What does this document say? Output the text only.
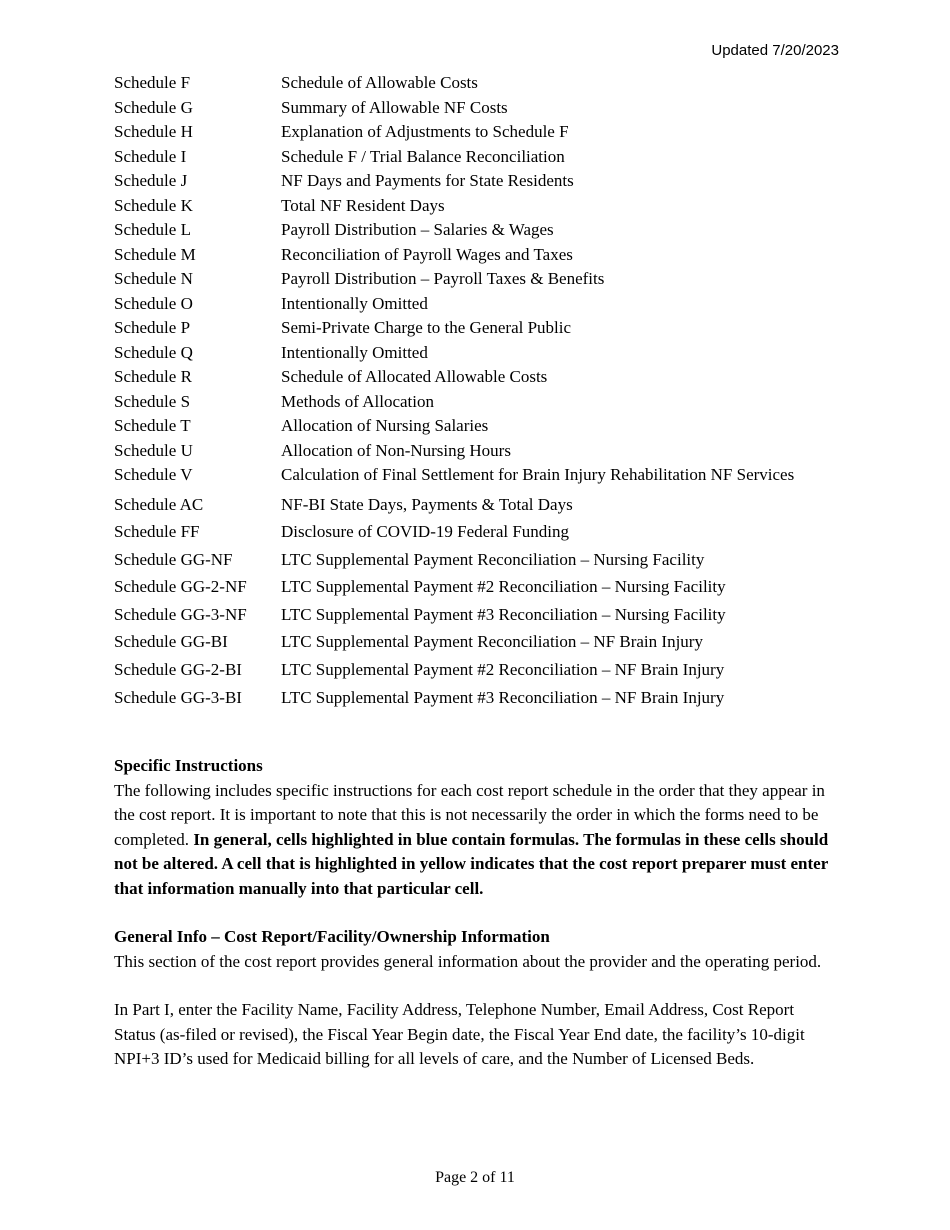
Updated 7/20/2023
Schedule F	Schedule of Allowable Costs
Schedule G	Summary of Allowable NF Costs
Schedule H	Explanation of Adjustments to Schedule F
Schedule I	Schedule F / Trial Balance Reconciliation
Schedule J	NF Days and Payments for State Residents
Schedule K	Total NF Resident Days
Schedule L	Payroll Distribution – Salaries & Wages
Schedule M	Reconciliation of Payroll Wages and Taxes
Schedule N	Payroll Distribution – Payroll Taxes & Benefits
Schedule O	Intentionally Omitted
Schedule P	Semi-Private Charge to the General Public
Schedule Q	Intentionally Omitted
Schedule R	Schedule of Allocated Allowable Costs
Schedule S	Methods of Allocation
Schedule T	Allocation of Nursing Salaries
Schedule U	Allocation of Non-Nursing Hours
Schedule V	Calculation of Final Settlement for Brain Injury Rehabilitation NF Services
Schedule AC	NF-BI State Days, Payments & Total Days
Schedule FF	Disclosure of COVID-19 Federal Funding
Schedule GG-NF	LTC Supplemental Payment Reconciliation – Nursing Facility
Schedule GG-2-NF	LTC Supplemental Payment #2 Reconciliation – Nursing Facility
Schedule GG-3-NF	LTC Supplemental Payment #3 Reconciliation – Nursing Facility
Schedule GG-BI	LTC Supplemental Payment Reconciliation – NF Brain Injury
Schedule GG-2-BI	LTC Supplemental Payment #2 Reconciliation – NF Brain Injury
Schedule GG-3-BI	LTC Supplemental Payment #3 Reconciliation – NF Brain Injury
Specific Instructions

The following includes specific instructions for each cost report schedule in the order that they appear in the cost report. It is important to note that this is not necessarily the order in which the forms need to be completed. In general, cells highlighted in blue contain formulas. The formulas in these cells should not be altered. A cell that is highlighted in yellow indicates that the cost report preparer must enter that information manually into that particular cell.

General Info – Cost Report/Facility/Ownership Information

This section of the cost report provides general information about the provider and the operating period.

In Part I, enter the Facility Name, Facility Address, Telephone Number, Email Address, Cost Report Status (as-filed or revised), the Fiscal Year Begin date, the Fiscal Year End date, the facility’s 10-digit NPI+3 ID’s used for Medicaid billing for all levels of care, and the Number of Licensed Beds.

Page 2 of 11
